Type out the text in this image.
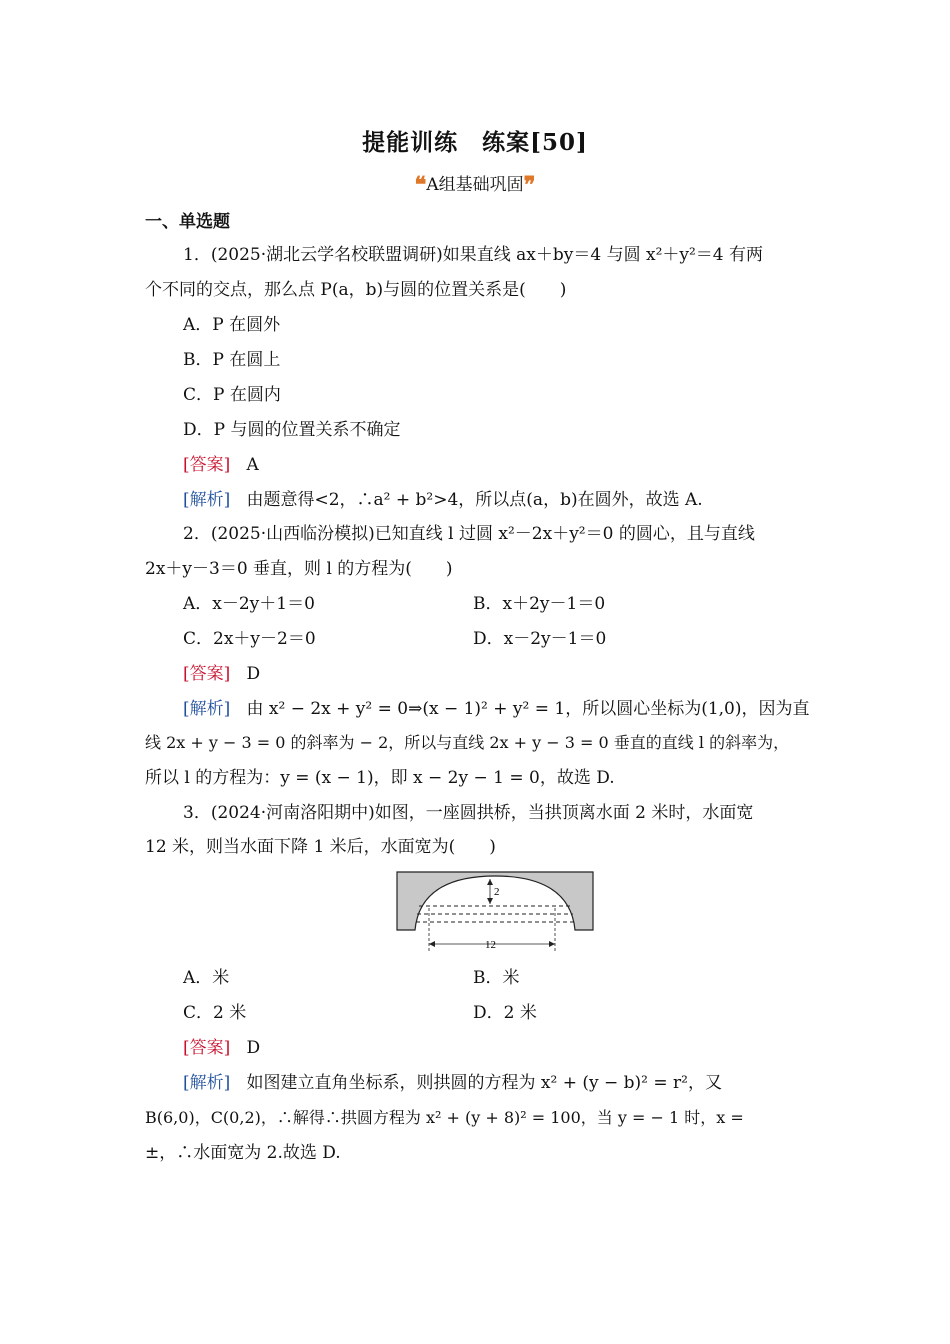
提能训练　练案[50]
❝A组基础巩固❞
一、单选题
1．(2025·湖北云学名校联盟调研)如果直线 ax＋by＝4 与圆 x²＋y²＝4 有两
个不同的交点，那么点 P(a，b)与圆的位置关系是(　　)
A．P 在圆外
B．P 在圆上
C．P 在圆内
D．P 与圆的位置关系不确定
[答案] A
[解析] 由题意得<2，∴a² + b²>4，所以点(a，b)在圆外，故选 A.
2．(2025·山西临汾模拟)已知直线 l 过圆 x²－2x＋y²＝0 的圆心，且与直线
2x＋y－3＝0 垂直，则 l 的方程为(　　)
A．x－2y＋1＝0	B．x＋2y－1＝0
C．2x＋y－2＝0	D．x－2y－1＝0
[答案] D
[解析] 由 x² − 2x + y² = 0⇒(x − 1)² + y² = 1，所以圆心坐标为(1,0)，因为直
线 2x + y − 3 = 0 的斜率为 − 2，所以与直线 2x + y − 3 = 0 垂直的直线 l 的斜率为，
所以 l 的方程为：y = (x − 1)，即 x − 2y − 1 = 0，故选 D.
3．(2024·河南洛阳期中)如图，一座圆拱桥，当拱顶离水面 2 米时，水面宽
12 米，则当水面下降 1 米后，水面宽为(　　)
2
12
A．米	B．米
C．2 米	D．2 米
[答案] D
[解析] 如图建立直角坐标系，则拱圆的方程为 x² + (y − b)² = r²，又
B(6,0)，C(0,2)，∴解得∴拱圆方程为 x² + (y + 8)² = 100，当 y = − 1 时，x =
±，∴水面宽为 2.故选 D.
